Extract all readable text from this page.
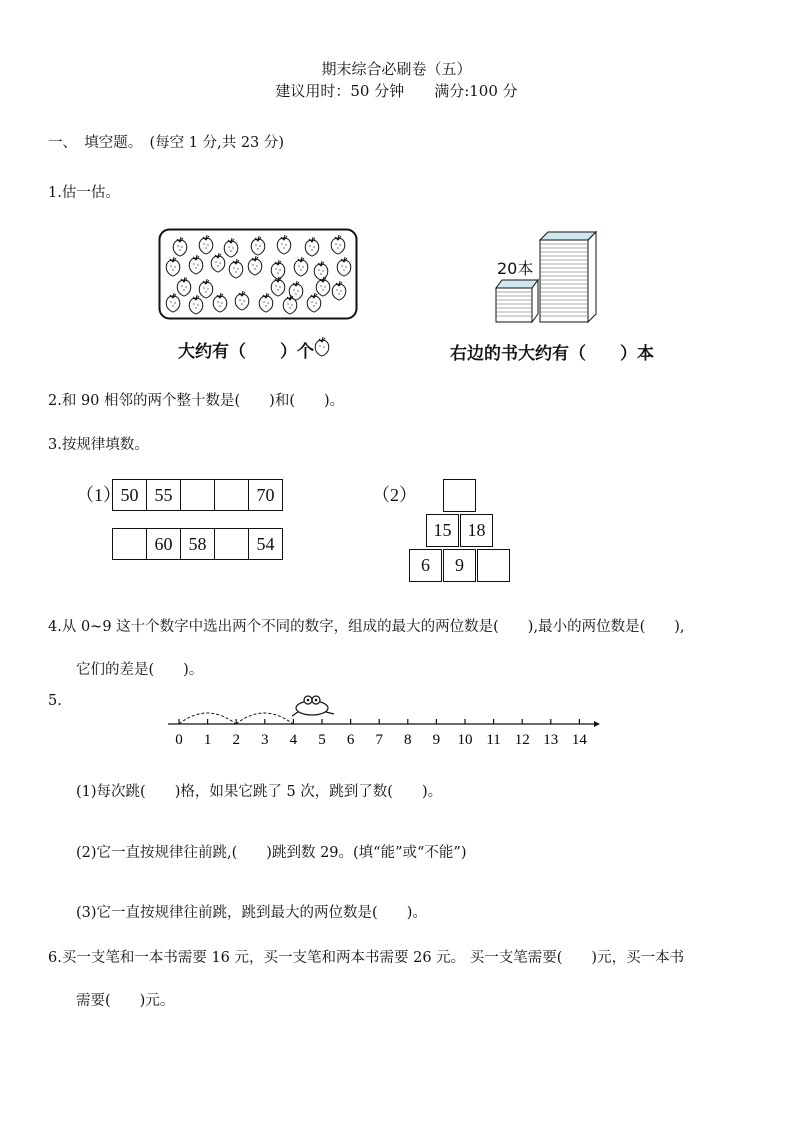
期末综合必刷卷（五）
建议用时：50 分钟　　满分:100 分
一、　填空题。　(每空 1 分,共 23 分)
1.估一估。
大约有（　　）个
20本
右边的书大约有（　　）本
2.和 90 相邻的两个整十数是(　　)和(　　)。
3.按规律填数。
（1）	（2）
50	55			70
	60	58		54
15 18
6	9
4.从 0~9 这十个数字中选出两个不同的数字，组成的最大的两位数是(　　),最小的两位数是(　　),
它们的差是(　　)。
5.
0 1 2 3 4 5 6 7 8 9 10 11 12 13 14
(1)每次跳(　　)格，如果它跳了 5 次，跳到了数(　　)。
(2)它一直按规律往前跳,(　　)跳到数 29。(填“能”或“不能”)
(3)它一直按规律往前跳，跳到最大的两位数是(　　)。
6.买一支笔和一本书需要 16 元，买一支笔和两本书需要 26 元。 买一支笔需要(　　)元，买一本书
需要(　　)元。
